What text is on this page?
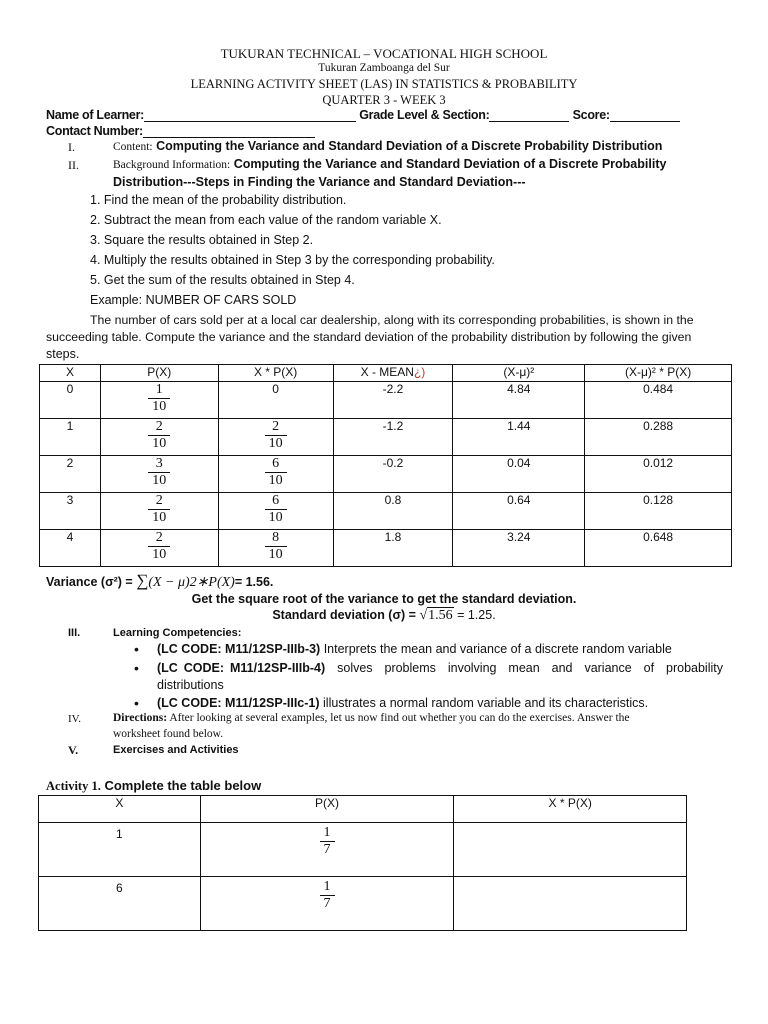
TUKURAN TECHNICAL – VOCATIONAL HIGH SCHOOL
Tukuran Zamboanga del Sur
LEARNING ACTIVITY SHEET (LAS) IN STATISTICS & PROBABILITY
QUARTER 3 - WEEK 3
Name of Learner:	Grade Level & Section:	Score:
Contact Number:
I.	Content: Computing the Variance and Standard Deviation of a Discrete Probability Distribution
II.	Background Information: Computing the Variance and Standard Deviation of a Discrete Probability
Distribution---Steps in Finding the Variance and Standard Deviation---
1. Find the mean of the probability distribution.
2. Subtract the mean from each value of the random variable X.
3. Square the results obtained in Step 2.
4. Multiply the results obtained in Step 3 by the corresponding probability.
5. Get the sum of the results obtained in Step 4.
Example: NUMBER OF CARS SOLD
The number of cars sold per at a local car dealership, along with its corresponding probabilities, is shown in the
succeeding table. Compute the variance and the standard deviation of the probability distribution by following the given
steps.
X	P(X)	X * P(X)	X - MEAN¿)	(X-μ)²	(X-μ)² * P(X)
0	$\frac{1}{10}$	0	-2.2	4.84	0.484
1	$\frac{2}{10}$	$\frac{2}{10}$	-1.2	1.44	0.288
2	$\frac{3}{10}$	$\frac{6}{10}$	-0.2	0.04	0.012
3	$\frac{2}{10}$	$\frac{6}{10}$	0.8	0.64	0.128
4	$\frac{2}{10}$	$\frac{8}{10}$	1.8	3.24	0.648
Variance (σ²) = ∑(X − μ)2∗P(X)= 1.56.
Get the square root of the variance to get the standard deviation.
Standard deviation (σ) = √1.56 = 1.25.
III.	Learning Competencies:
• (LC CODE: M11/12SP-IIIb-3) Interprets the mean and variance of a discrete random variable
• (LC CODE: M11/12SP-IIIb-4) solves problems involving mean and variance of probability
distributions
• (LC CODE: M11/12SP-IIIc-1) illustrates a normal random variable and its characteristics.
IV.	Directions: After looking at several examples, let us now find out whether you can do the exercises. Answer the
worksheet found below.
V.	Exercises and Activities
Activity 1. Complete the table below
X	P(X)	X * P(X)
1	$\frac{1}{7}$

6	$\frac{1}{7}$
